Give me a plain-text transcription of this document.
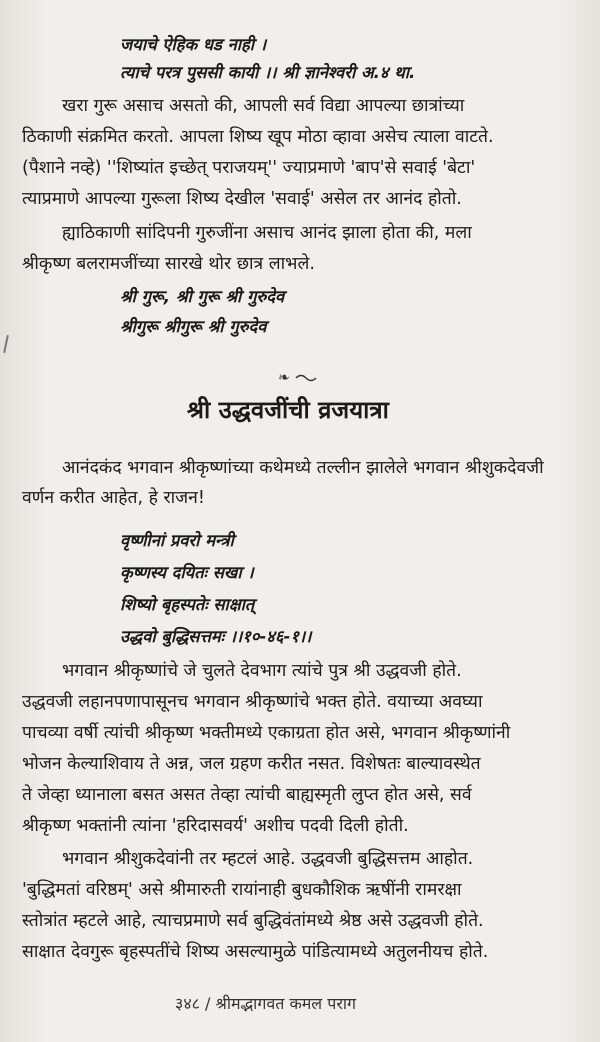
जयाचे ऐहिक धड नाही ।
त्याचे परत्र पुससी कायी ।। श्री ज्ञानेश्वरी अ.४ था.
खरा गुरू असाच असतो की, आपली सर्व विद्या आपल्या छात्रांच्या
ठिकाणी संक्रमित करतो. आपला शिष्य खूप मोठा व्हावा असेच त्याला वाटते.
(पैशाने नव्हे) ''शिष्यांत इच्छेत् पराजयम्'' ज्याप्रमाणे 'बाप'से सवाई 'बेटा'
त्याप्रमाणे आपल्या गुरूला शिष्य देखील 'सवाई' असेल तर आनंद होतो.
ह्याठिकाणी सांदिपनी गुरुजींना असाच आनंद झाला होता की, मला
श्रीकृष्ण बलरामजींच्या सारखे थोर छात्र लाभले.
श्री गुरू, श्री गुरू श्री गुरुदेव
श्रीगुरू श्रीगुरू श्री गुरुदेव
❧
श्री उद्धवजींची व्रजयात्रा
आनंदकंद भगवान श्रीकृष्णांच्या कथेमध्ये तल्लीन झालेले भगवान श्रीशुकदेवजी
वर्णन करीत आहेत, हे राजन!
वृष्णीनां प्रवरो मन्त्री
कृष्णस्य दयितः सखा ।
शिष्यो बृहस्पतेः साक्षात्
उद्धवो बुद्धिसत्तमः ।।१०-४६-१।।
भगवान श्रीकृष्णांचे जे चुलते देवभाग त्यांचे पुत्र श्री उद्धवजी होते.
उद्धवजी लहानपणापासूनच भगवान श्रीकृष्णांचे भक्त होते. वयाच्या अवघ्या
पाचव्या वर्षी त्यांची श्रीकृष्ण भक्तीमध्ये एकाग्रता होत असे, भगवान श्रीकृष्णांनी
भोजन केल्याशिवाय ते अन्न, जल ग्रहण करीत नसत. विशेषतः बाल्यावस्थेत
ते जेव्हा ध्यानाला बसत असत तेव्हा त्यांची बाह्यस्मृती लुप्त होत असे, सर्व
श्रीकृष्ण भक्तांनी त्यांना 'हरिदासवर्य' अशीच पदवी दिली होती.
भगवान श्रीशुकदेवांनी तर म्हटलं आहे. उद्धवजी बुद्धिसत्तम आहोत.
'बुद्धिमतां वरिष्ठम्' असे श्रीमारुती रायांनाही बुधकौशिक ऋषींनी रामरक्षा
स्तोत्रांत म्हटले आहे, त्याचप्रमाणे सर्व बुद्धिवंतांमध्ये श्रेष्ठ असे उद्धवजी होते.
साक्षात देवगुरू बृहस्पतींचे शिष्य असल्यामुळे पांडित्यामध्ये अतुलनीयच होते.
३४८ / श्रीमद्भागवत कमल पराग
